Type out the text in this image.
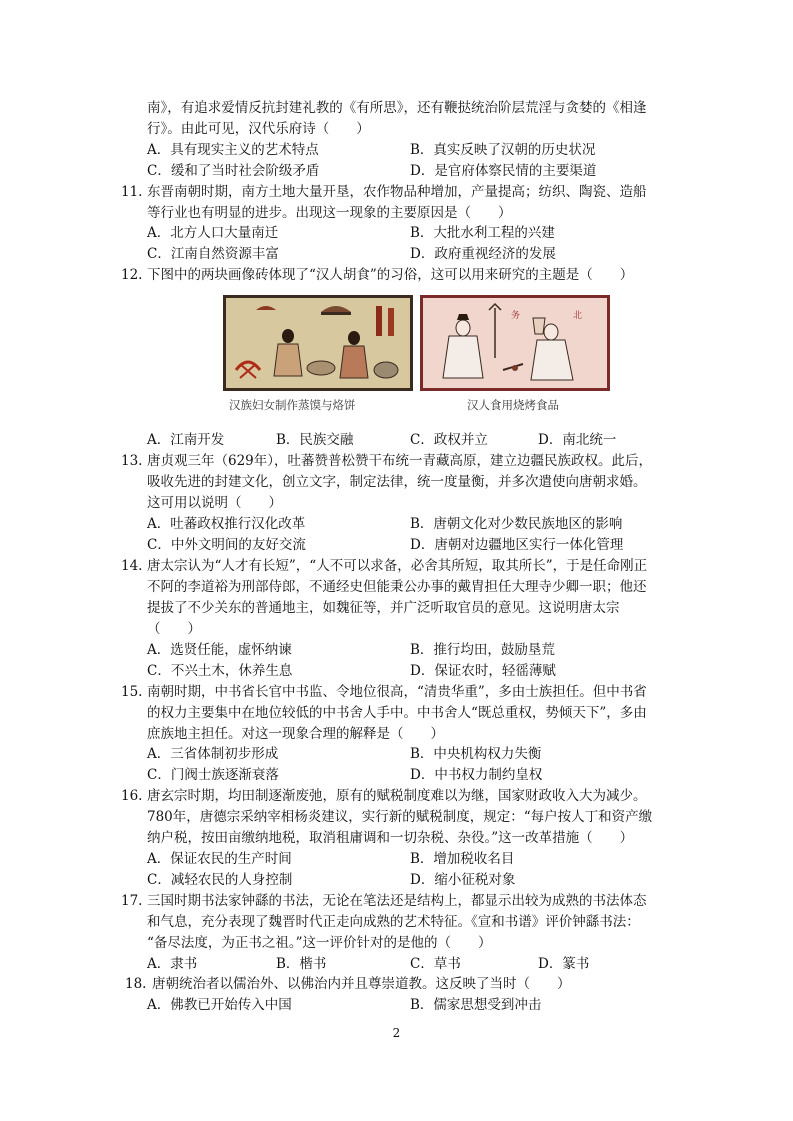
南》，有追求爱情反抗封建礼教的《有所思》，还有鞭挞统治阶层荒淫与贪婪的《相逢
行》。由此可见，汉代乐府诗（　　）
A．具有现实主义的艺术特点	B．真实反映了汉朝的历史状况
C．缓和了当时社会阶级矛盾	D．是官府体察民情的主要渠道
11. 东晋南朝时期，南方土地大量开垦，农作物品种增加，产量提高；纺织、陶瓷、造船
等行业也有明显的进步。出现这一现象的主要原因是（　　）
A．北方人口大量南迁	B．大批水利工程的兴建
C．江南自然资源丰富	D．政府重视经济的发展
12. 下图中的两块画像砖体现了“汉人胡食”的习俗，这可以用来研究的主题是（　　）
务	北
汉族妇女制作蒸馍与烙饼	汉人食用烧烤食品
A．江南开发	B．民族交融	C．政权并立	D．南北统一
13. 唐贞观三年（629年），吐蕃赞普松赞干布统一青藏高原，建立边疆民族政权。此后，
吸收先进的封建文化，创立文字，制定法律，统一度量衡，并多次遣使向唐朝求婚。
这可用以说明（　　）
A．吐蕃政权推行汉化改革	B．唐朝文化对少数民族地区的影响
C．中外文明间的友好交流	D．唐朝对边疆地区实行一体化管理
14. 唐太宗认为“人才有长短”，“人不可以求备，必舍其所短，取其所长”，于是任命刚正
不阿的李道裕为刑部侍郎，不通经史但能秉公办事的戴胄担任大理寺少卿一职；他还
提拔了不少关东的普通地主，如魏征等，并广泛听取官员的意见。这说明唐太宗
（　　）
A．选贤任能，虚怀纳谏	B．推行均田，鼓励垦荒
C．不兴土木，休养生息	D．保证农时，轻徭薄赋
15. 南朝时期，中书省长官中书监、令地位很高，“清贵华重”，多由士族担任。但中书省
的权力主要集中在地位较低的中书舍人手中。中书舍人“既总重权，势倾天下”，多由
庶族地主担任。对这一现象合理的解释是（　　）
A．三省体制初步形成	B．中央机构权力失衡
C．门阀士族逐渐衰落	D．中书权力制约皇权
16. 唐玄宗时期，均田制逐渐废弛，原有的赋税制度难以为继，国家财政收入大为减少。
780年，唐德宗采纳宰相杨炎建议，实行新的赋税制度，规定：“每户按人丁和资产缴
纳户税，按田亩缴纳地税，取消租庸调和一切杂税、杂役。”这一改革措施（　　）
A．保证农民的生产时间	B．增加税收名目
C．减轻农民的人身控制	D．缩小征税对象
17. 三国时期书法家钟繇的书法，无论在笔法还是结构上，都显示出较为成熟的书法体态
和气息，充分表现了魏晋时代正走向成熟的艺术特征。《宣和书谱》评价钟繇书法：
“备尽法度，为正书之祖。”这一评价针对的是他的（　　）
A．隶书	B．楷书	C．草书	D．篆书
18. 唐朝统治者以儒治外、以佛治内并且尊崇道教。这反映了当时（　　）
A．佛教已开始传入中国	B．儒家思想受到冲击
2
